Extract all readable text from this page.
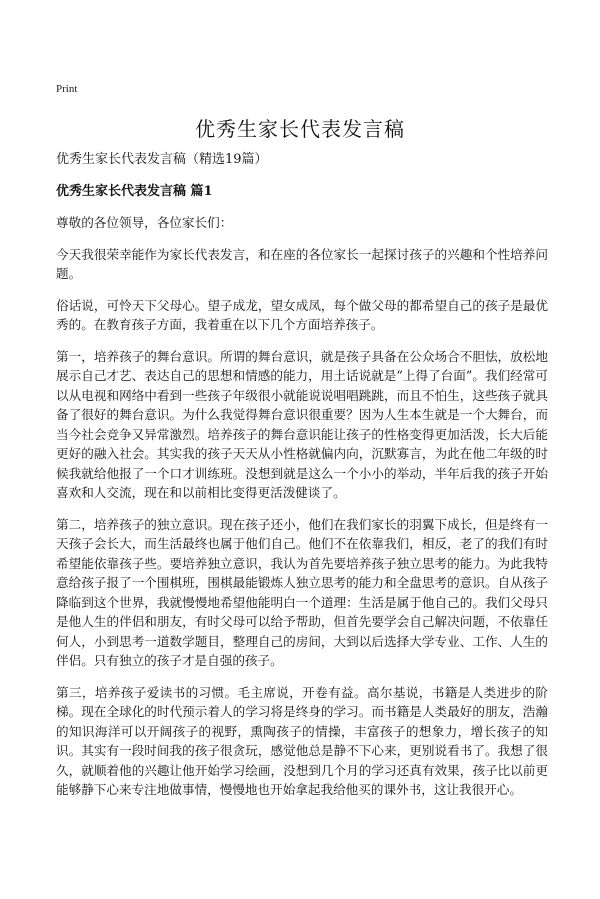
Print
优秀生家长代表发言稿

优秀生家长代表发言稿（精选19篇）

优秀生家长代表发言稿 篇1

尊敬的各位领导，各位家长们：

今天我很荣幸能作为家长代表发言，和在座的各位家长一起探讨孩子的兴趣和个性培养问题。

俗话说，可怜天下父母心。望子成龙，望女成凤，每个做父母的都希望自己的孩子是最优秀的。在教育孩子方面，我着重在以下几个方面培养孩子。

第一，培养孩子的舞台意识。所谓的舞台意识，就是孩子具备在公众场合不胆怯，放松地展示自己才艺、表达自己的思想和情感的能力，用土话说就是“上得了台面”。我们经常可以从电视和网络中看到一些孩子年级很小就能说说唱唱跳跳，而且不怕生，这些孩子就具备了很好的舞台意识。为什么我觉得舞台意识很重要？因为人生本生就是一个大舞台，而当今社会竞争又异常激烈。培养孩子的舞台意识能让孩子的性格变得更加活泼，长大后能更好的融入社会。其实我的孩子天天从小性格就偏内向，沉默寡言，为此在他二年级的时候我就给他报了一个口才训练班。没想到就是这么一个小小的举动，半年后我的孩子开始喜欢和人交流，现在和以前相比变得更活泼健谈了。

第二，培养孩子的独立意识。现在孩子还小，他们在我们家长的羽翼下成长，但是终有一天孩子会长大，而生活最终也属于他们自己。他们不在依靠我们，相反，老了的我们有时希望能依靠孩子些。要培养独立意识，我认为首先要培养孩子独立思考的能力。为此我特意给孩子报了一个围棋班，围棋最能锻炼人独立思考的能力和全盘思考的意识。自从孩子降临到这个世界，我就慢慢地希望他能明白一个道理：生活是属于他自己的。我们父母只是他人生的伴侣和朋友，有时父母可以给予帮助，但首先要学会自己解决问题，不依靠任何人，小到思考一道数学题目，整理自己的房间，大到以后选择大学专业、工作、人生的伴侣。只有独立的孩子才是自强的孩子。

第三，培养孩子爱读书的习惯。毛主席说，开卷有益。高尔基说，书籍是人类进步的阶梯。现在全球化的时代预示着人的学习将是终身的学习。而书籍是人类最好的朋友，浩瀚的知识海洋可以开阔孩子的视野，熏陶孩子的情操，丰富孩子的想象力，增长孩子的知识。其实有一段时间我的孩子很贪玩，感觉他总是静不下心来，更别说看书了。我想了很久，就顺着他的兴趣让他开始学习绘画，没想到几个月的学习还真有效果，孩子比以前更能够静下心来专注地做事情，慢慢地也开始拿起我给他买的课外书，这让我很开心。
